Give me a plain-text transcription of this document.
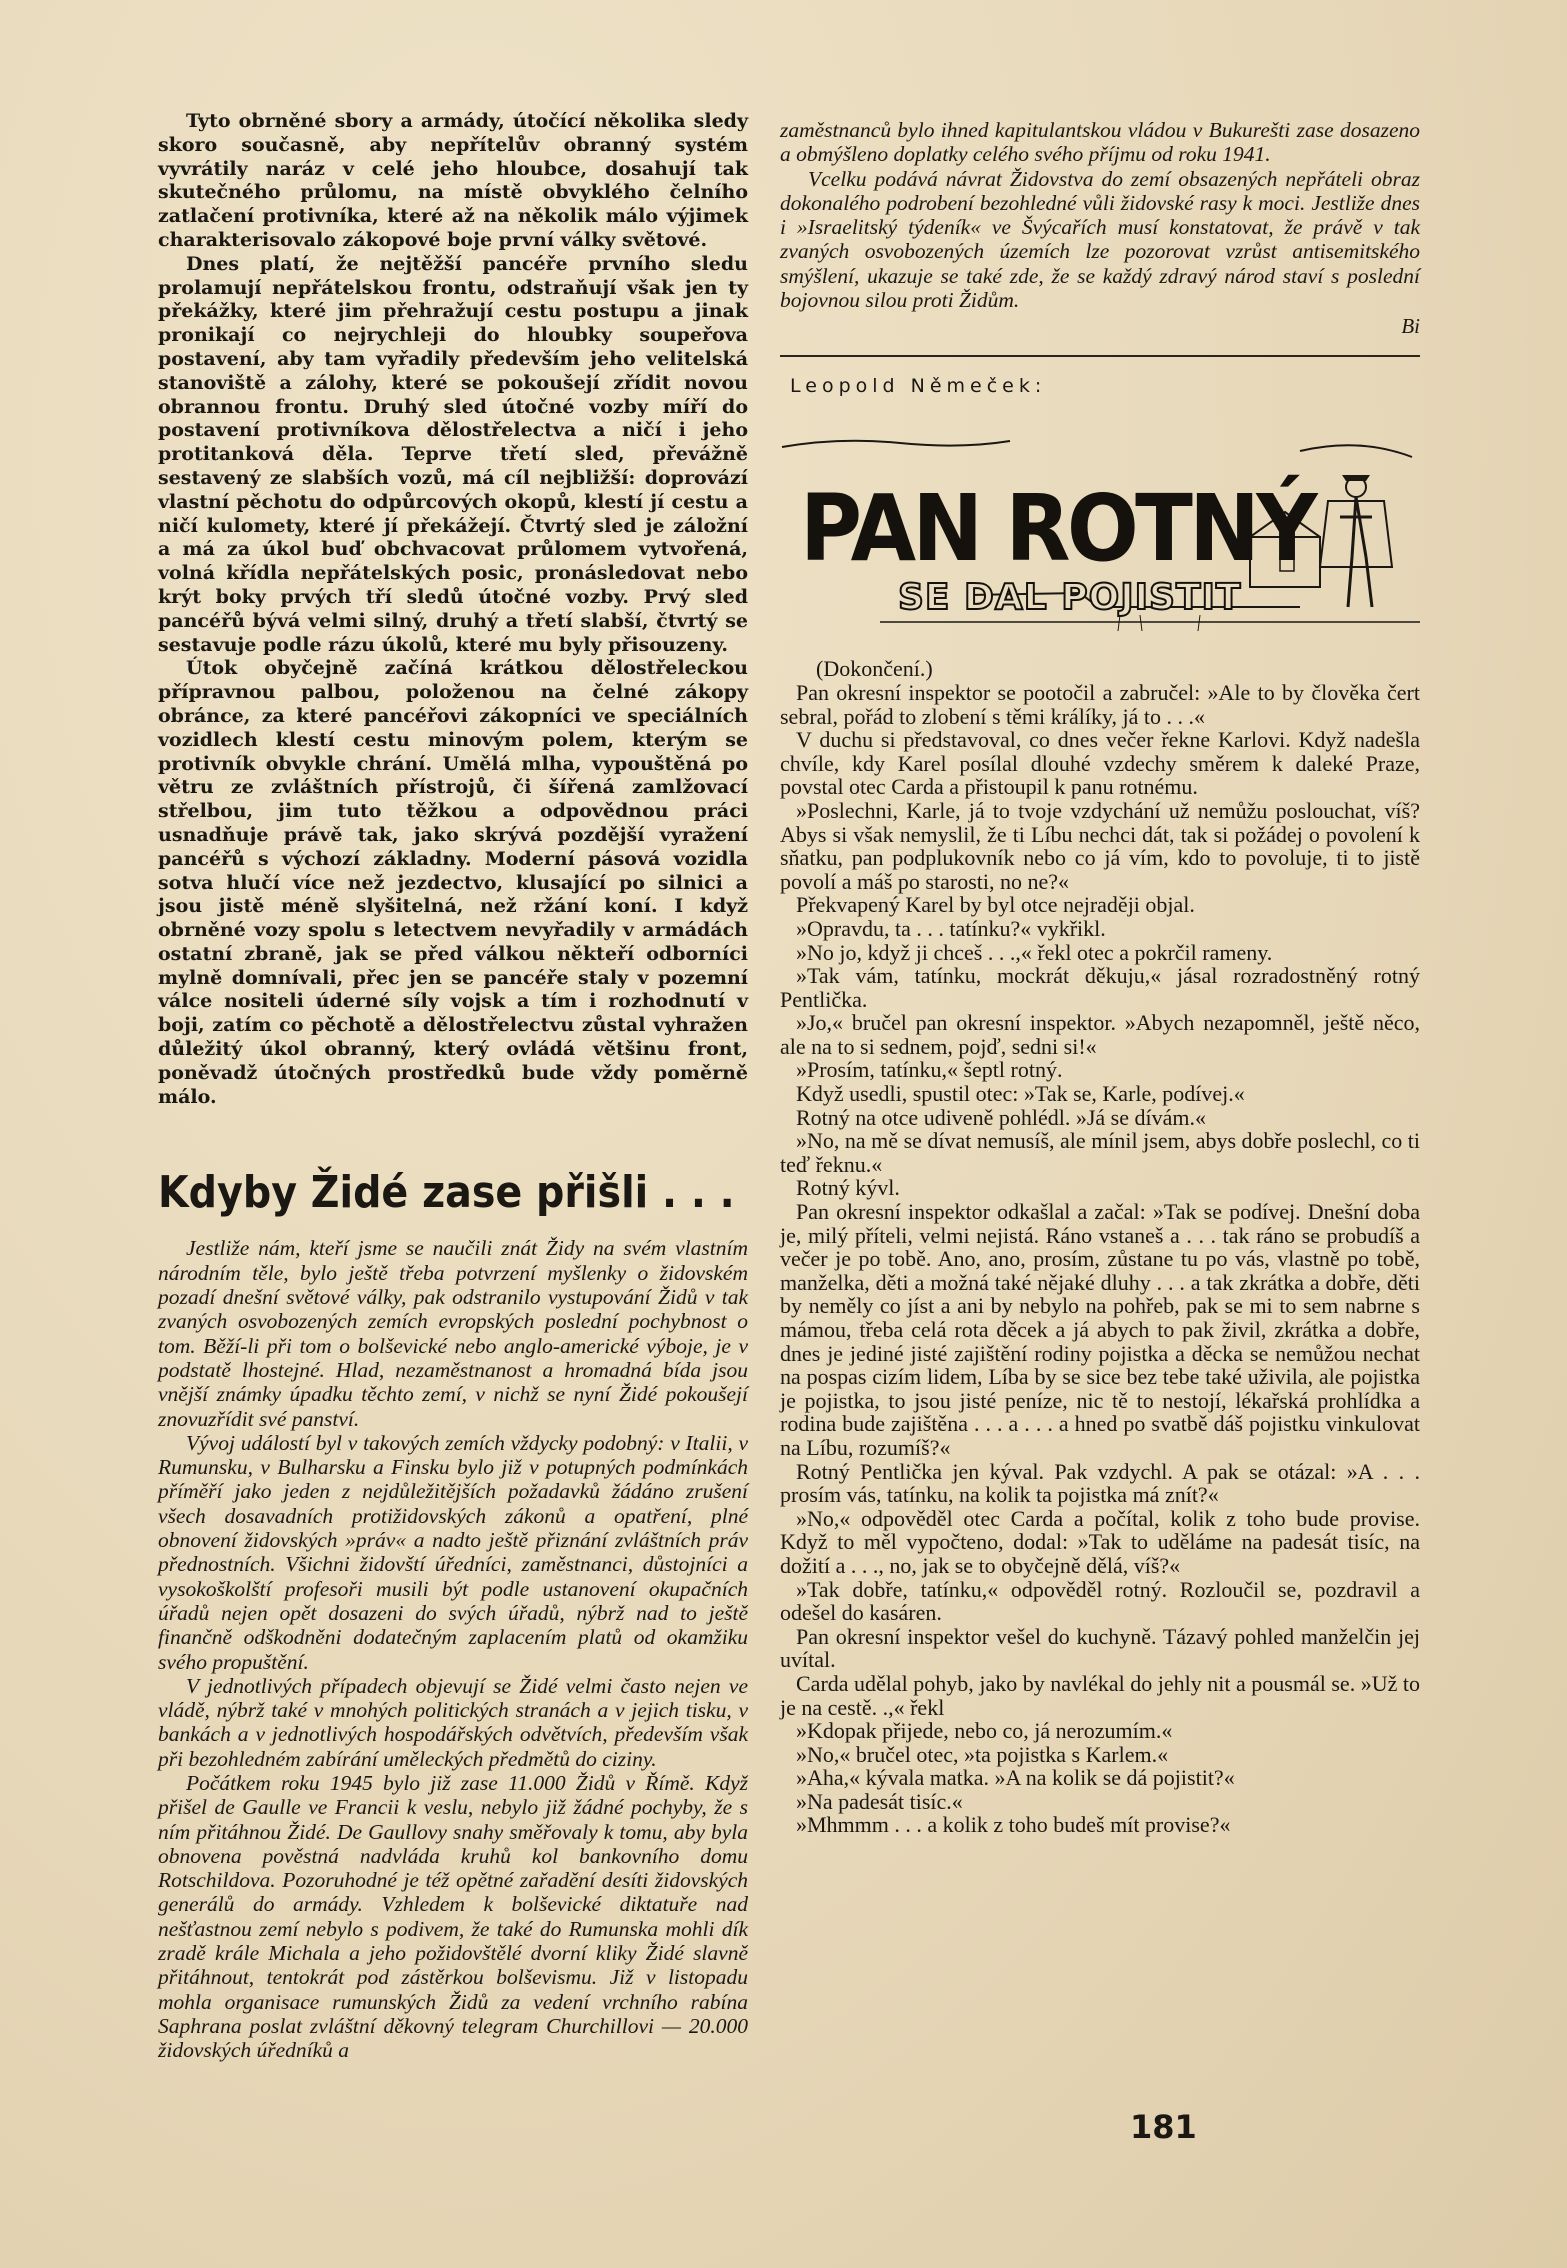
Tyto obrněné sbory a armády, útočící několika sledy skoro současně, aby nepřítelův obranný systém vyvrátily naráz v celé jeho hloubce, dosahují tak skutečného průlomu, na místě obvyklého čelního zatlačení protivníka, které až na několik málo výjimek charakterisovalo zákopové boje první války světové.

Dnes platí, že nejtěžší pancéře prvního sledu prolamují nepřátelskou frontu, odstraňují však jen ty překážky, které jim přehražují cestu postupu a jinak pronikají co nejrychleji do hloubky soupeřova postavení, aby tam vyřadily především jeho velitelská stanoviště a zálohy, které se pokoušejí zřídit novou obrannou frontu. Druhý sled útočné vozby míří do postavení protivníkova dělostřelectva a ničí i jeho protitanková děla. Teprve třetí sled, převážně sestavený ze slabších vozů, má cíl nejbližší: doprovází vlastní pěchotu do odpůrcových okopů, klestí jí cestu a ničí kulomety, které jí překážejí. Čtvrtý sled je záložní a má za úkol buď obchvacovat průlomem vytvořená, volná křídla nepřátelských posic, pronásledovat nebo krýt boky prvých tří sledů útočné vozby. Prvý sled pancéřů bývá velmi silný, druhý a třetí slabší, čtvrtý se sestavuje podle rázu úkolů, které mu byly přisouzeny.

Útok obyčejně začíná krátkou dělostřeleckou přípravnou palbou, položenou na čelné zákopy obránce, za které pancéřovi zákopníci ve speciálních vozidlech klestí cestu minovým polem, kterým se protivník obvykle chrání. Umělá mlha, vypouštěná po větru ze zvláštních přístrojů, či šířená zamlžovací střelbou, jim tuto těžkou a odpovědnou práci usnadňuje právě tak, jako skrývá pozdější vyražení pancéřů s výchozí základny. Moderní pásová vozidla sotva hlučí více než jezdectvo, klusající po silnici a jsou jistě méně slyšitelná, než ržání koní. I když obrněné vozy spolu s letectvem nevyřadily v armádách ostatní zbraně, jak se před válkou někteří odborníci mylně domnívali, přec jen se pancéře staly v pozemní válce nositeli úderné síly vojsk a tím i rozhodnutí v boji, zatím co pěchotě a dělostřelectvu zůstal vyhražen důležitý úkol obranný, který ovládá většinu front, poněvadž útočných prostředků bude vždy poměrně málo.

Kdyby Židé zase přišli . . .

Jestliže nám, kteří jsme se naučili znát Židy na svém vlastním národním těle, bylo ještě třeba potvrzení myšlenky o židovském pozadí dnešní světové války, pak odstranilo vystupování Židů v tak zvaných osvobozených zemích evropských poslední pochybnost o tom. Běží-li při tom o bolševické nebo anglo-americké výboje, je v podstatě lhostejné. Hlad, nezaměstnanost a hromadná bída jsou vnější známky úpadku těchto zemí, v nichž se nyní Židé pokoušejí znovuzřídit své panství.

Vývoj událostí byl v takových zemích vždycky podobný: v Italii, v Rumunsku, v Bulharsku a Finsku bylo již v potupných podmínkách příměří jako jeden z nejdůležitějších požadavků žádáno zrušení všech dosavadních protižidovských zákonů a opatření, plné obnovení židovských »práv« a nadto ještě přiznání zvláštních práv přednostních. Všichni židovští úředníci, zaměstnanci, důstojníci a vysokoškolští profesoři musili být podle ustanovení okupačních úřadů nejen opět dosazeni do svých úřadů, nýbrž nad to ještě finančně odškodněni dodatečným zaplacením platů od okamžiku svého propuštění.

V jednotlivých případech objevují se Židé velmi často nejen ve vládě, nýbrž také v mnohých politických stranách a v jejich tisku, v bankách a v jednotlivých hospodářských odvětvích, především však při bezohledném zabírání uměleckých předmětů do ciziny.

Počátkem roku 1945 bylo již zase 11.000 Židů v Římě. Když přišel de Gaulle ve Francii k veslu, nebylo již žádné pochyby, že s ním přitáhnou Židé. De Gaullovy snahy směřovaly k tomu, aby byla obnovena pověstná nadvláda kruhů kol bankovního domu Rotschildova. Pozoruhodné je též opětné zařadění desíti židovských generálů do armády. Vzhledem k bolševické diktatuře nad nešťastnou zemí nebylo s podivem, že také do Rumunska mohli dík zradě krále Michala a jeho požidovštělé dvorní kliky Židé slavně přitáhnout, tentokrát pod zástěrkou bolševismu. Již v listopadu mohla organisace rumunských Židů za vedení vrchního rabína Saphrana poslat zvláštní děkovný telegram Churchillovi — 20.000 židovských úředníků a

zaměstnanců bylo ihned kapitulantskou vládou v Bukurešti zase dosazeno a obmýšleno doplatky celého svého příjmu od roku 1941.

Vcelku podává návrat Židovstva do zemí obsazených nepřáteli obraz dokonalého podrobení bezohledné vůli židovské rasy k moci. Jestliže dnes i »Israelitský týdeník« ve Švýcařích musí konstatovat, že právě v tak zvaných osvobozených územích lze pozorovat vzrůst antisemitského smýšlení, ukazuje se také zde, že se každý zdravý národ staví s poslední bojovnou silou proti Židům.

Bi
Leopold Němeček:
PAN ROTNÝ
SE DAL POJISTIT

(Dokončení.)

Pan okresní inspektor se pootočil a zabručel: »Ale to by člověka čert sebral, pořád to zlobení s těmi králíky, já to . . .«

V duchu si představoval, co dnes večer řekne Karlovi. Když nadešla chvíle, kdy Karel posílal dlouhé vzdechy směrem k daleké Praze, povstal otec Carda a přistoupil k panu rotnému.

»Poslechni, Karle, já to tvoje vzdychání už nemůžu poslouchat, víš? Abys si však nemyslil, že ti Líbu nechci dát, tak si požádej o povolení k sňatku, pan podplukovník nebo co já vím, kdo to povoluje, ti to jistě povolí a máš po starosti, no ne?«

Překvapený Karel by byl otce nejraději objal.

»Opravdu, ta . . . tatínku?« vykřikl.

»No jo, když ji chceš . . .,« řekl otec a pokrčil rameny.

»Tak vám, tatínku, mockrát děkuju,« jásal rozradostněný rotný Pentlička.

»Jo,« bručel pan okresní inspektor. »Abych nezapomněl, ještě něco, ale na to si sednem, pojď, sedni si!«

»Prosím, tatínku,« šeptl rotný.

Když usedli, spustil otec: »Tak se, Karle, podívej.«

Rotný na otce udiveně pohlédl. »Já se dívám.«

»No, na mě se dívat nemusíš, ale mínil jsem, abys dobře poslechl, co ti teď řeknu.«

Rotný kývl.

Pan okresní inspektor odkašlal a začal: »Tak se podívej. Dnešní doba je, milý příteli, velmi nejistá. Ráno vstaneš a . . . tak ráno se probudíš a večer je po tobě. Ano, ano, prosím, zůstane tu po vás, vlastně po tobě, manželka, děti a možná také nějaké dluhy . . . a tak zkrátka a dobře, děti by neměly co jíst a ani by nebylo na pohřeb, pak se mi to sem nabrne s mámou, třeba celá rota děcek a já abych to pak živil, zkrátka a dobře, dnes je jediné jisté zajištění rodiny pojistka a děcka se nemůžou nechat na pospas cizím lidem, Líba by se sice bez tebe také uživila, ale pojistka je pojistka, to jsou jisté peníze, nic tě to nestojí, lékařská prohlídka a rodina bude zajištěna . . . a . . . a hned po svatbě dáš pojistku vinkulovat na Líbu, rozumíš?«

Rotný Pentlička jen kýval. Pak vzdychl. A pak se otázal: »A . . . prosím vás, tatínku, na kolik ta pojistka má znít?«

»No,« odpověděl otec Carda a počítal, kolik z toho bude provise. Když to měl vypočteno, dodal: »Tak to uděláme na padesát tisíc, na dožití a . . ., no, jak se to obyčejně dělá, víš?«

»Tak dobře, tatínku,« odpověděl rotný. Rozloučil se, pozdravil a odešel do kasáren.

Pan okresní inspektor vešel do kuchyně. Tázavý pohled manželčin jej uvítal.

Carda udělal pohyb, jako by navlékal do jehly nit a pousmál se. »Už to je na cestě. .,« řekl

»Kdopak přijede, nebo co, já nerozumím.«

»No,« bručel otec, »ta pojistka s Karlem.«

»Aha,« kývala matka. »A na kolik se dá pojistit?«

»Na padesát tisíc.«

»Mhmmm . . . a kolik z toho budeš mít provise?«

181
